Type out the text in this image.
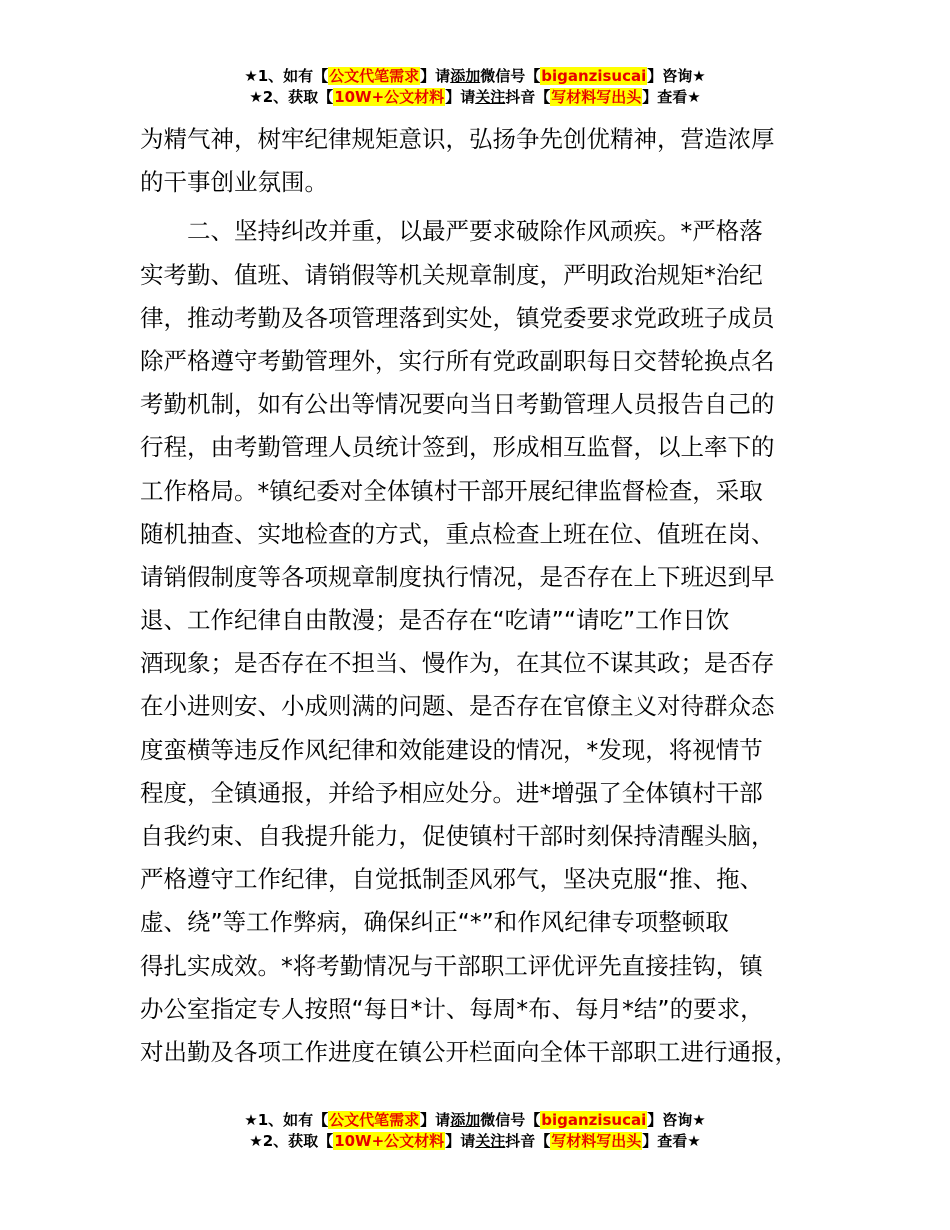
★1、如有【公文代笔需求】请添加微信号【biganzisucai】咨询★
★2、获取【10W+公文材料】请关注抖音【写材料写出头】查看★
为精气神，树牢纪律规矩意识，弘扬争先创优精神，营造浓厚
的干事创业氛围。
二、坚持纠改并重，以最严要求破除作风顽疾。*严格落
实考勤、值班、请销假等机关规章制度，严明政治规矩*治纪
律，推动考勤及各项管理落到实处，镇党委要求党政班子成员
除严格遵守考勤管理外，实行所有党政副职每日交替轮换点名
考勤机制，如有公出等情况要向当日考勤管理人员报告自己的
行程，由考勤管理人员统计签到，形成相互监督，以上率下的
工作格局。*镇纪委对全体镇村干部开展纪律监督检查，采取
随机抽查、实地检查的方式，重点检查上班在位、值班在岗、
请销假制度等各项规章制度执行情况，是否存在上下班迟到早
退、工作纪律自由散漫；是否存在“吃请”“请吃”工作日饮
酒现象；是否存在不担当、慢作为，在其位不谋其政；是否存
在小进则安、小成则满的问题、是否存在官僚主义对待群众态
度蛮横等违反作风纪律和效能建设的情况，*发现，将视情节
程度，全镇通报，并给予相应处分。进*增强了全体镇村干部
自我约束、自我提升能力，促使镇村干部时刻保持清醒头脑，
严格遵守工作纪律，自觉抵制歪风邪气，坚决克服“推、拖、
虚、绕”等工作弊病，确保纠正“*”和作风纪律专项整顿取
得扎实成效。*将考勤情况与干部职工评优评先直接挂钩，镇
办公室指定专人按照“每日*计、每周*布、每月*结”的要求，
对出勤及各项工作进度在镇公开栏面向全体干部职工进行通报，
★1、如有【公文代笔需求】请添加微信号【biganzisucai】咨询★
★2、获取【10W+公文材料】请关注抖音【写材料写出头】查看★
